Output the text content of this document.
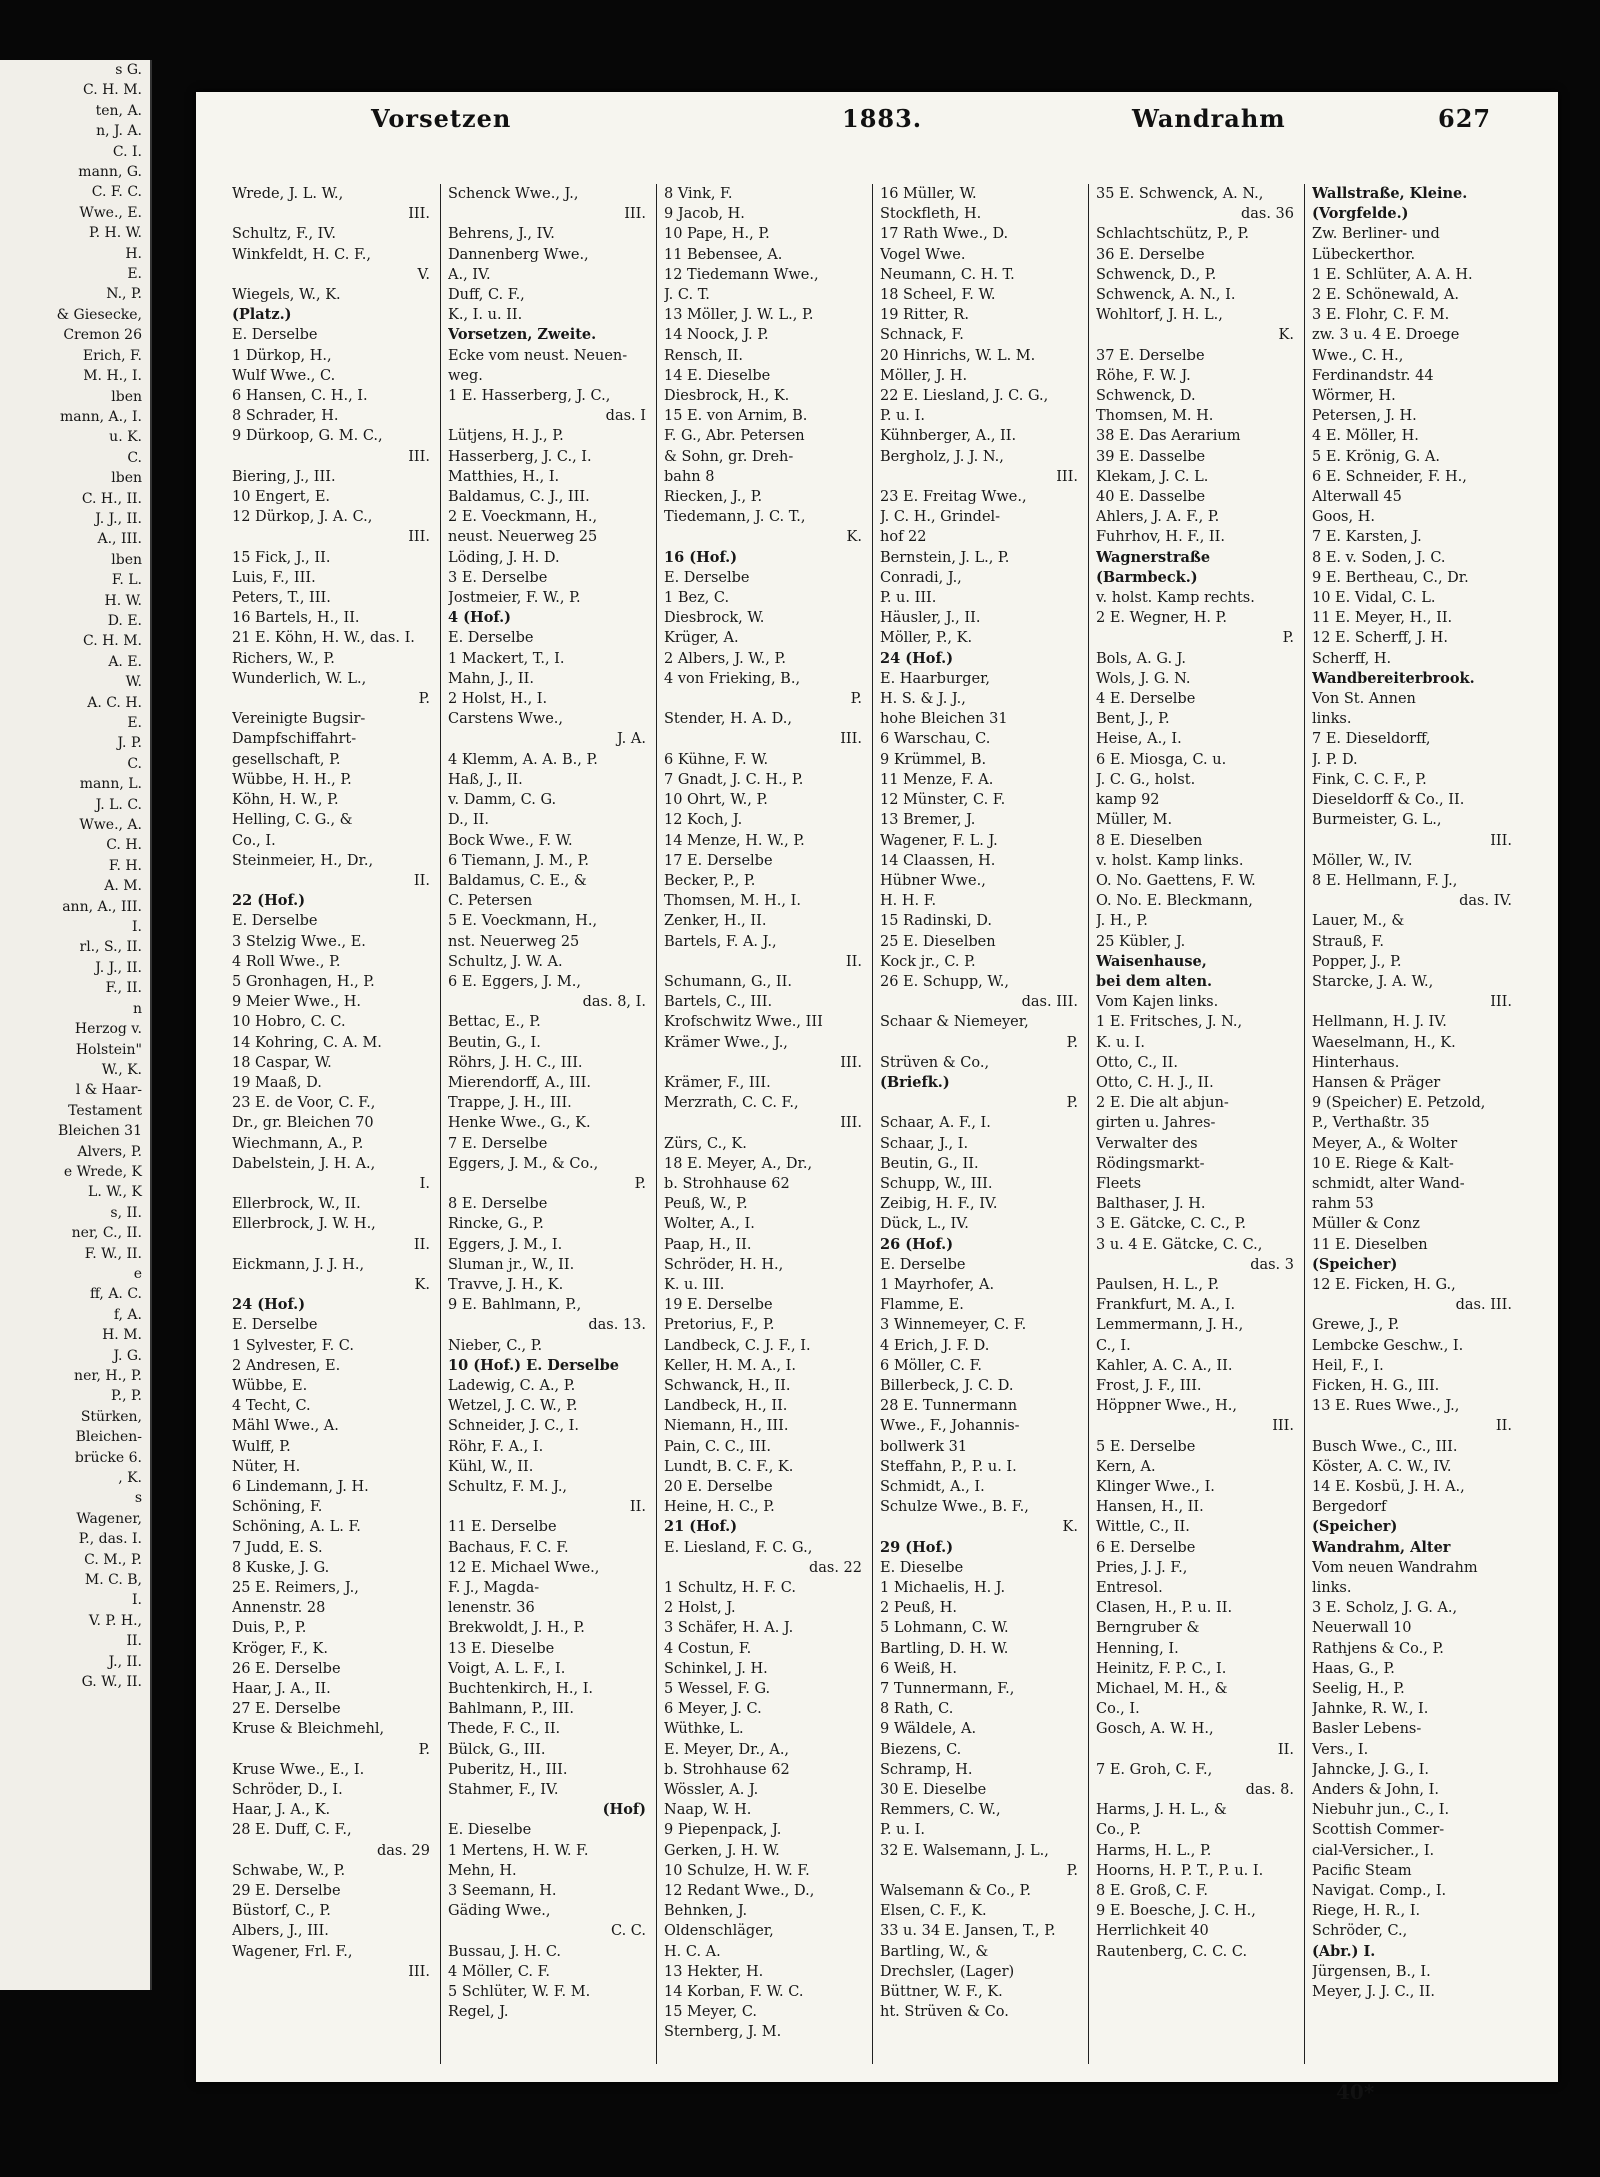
s G.
C. H. M.
ten, A.
n, J. A.
C. I.
mann, G.
C. F. C.
Wwe., E.
P. H. W.
H.
E.
N., P.
& Giesecke,
Cremon 26
Erich, F.
M. H., I.
lben
mann, A., I.
u. K.
C.
lben
C. H., II.
J. J., II.
A., III.
lben
F. L.
H. W.
D. E.
C. H. M.
A. E.
W.
A. C. H.
E.
J. P.
C.
mann, L.
J. L. C.
Wwe., A.
C. H.
F. H.
A. M.
ann, A., III.
I.
rl., S., II.
J. J., II.
F., II.
n
Herzog v.
Holstein"
W., K.
l & Haar-
Testament
Bleichen 31
Alvers, P.
e Wrede, K
L. W., K
s, II.
ner, C., II.
F. W., II.
e
ff, A. C.
f, A.
H. M.
J. G.
ner, H., P.
P., P.
Stürken,
Bleichen-
brücke 6.
, K.
s
Wagener,
P., das. I.
C. M., P.
M. C. B,
I.
V. P. H.,
II.
J., II.
G. W., II.
Vorsetzen	1883.	Wandrahm	627
Wrede, J. L. W.,
III.
Schultz, F., IV.
Winkfeldt, H. C. F.,
V.
Wiegels, W., K.
(Platz.)
E. Derselbe
1 Dürkop, H.,
Wulf Wwe., C.
6 Hansen, C. H., I.
8 Schrader, H.
9 Dürkoop, G. M. C.,
III.
Biering, J., III.
10 Engert, E.
12 Dürkop, J. A. C.,
III.
15 Fick, J., II.
Luis, F., III.
Peters, T., III.
16 Bartels, H., II.
21 E. Köhn, H. W., das. I.
Richers, W., P.
Wunderlich, W. L.,
P.
Vereinigte Bugsir-
Dampfschiffahrt-
gesellschaft, P.
Wübbe, H. H., P.
Köhn, H. W., P.
Helling, C. G., &
Co., I.
Steinmeier, H., Dr.,
II.
22 (Hof.)
E. Derselbe
3 Stelzig Wwe., E.
4 Roll Wwe., P.
5 Gronhagen, H., P.
9 Meier Wwe., H.
10 Hobro, C. C.
14 Kohring, C. A. M.
18 Caspar, W.
19 Maaß, D.
23 E. de Voor, C. F.,
Dr., gr. Bleichen 70
Wiechmann, A., P.
Dabelstein, J. H. A.,
I.
Ellerbrock, W., II.
Ellerbrock, J. W. H.,
II.
Eickmann, J. J. H.,
K.
24 (Hof.)
E. Derselbe
1 Sylvester, F. C.
2 Andresen, E.
Wübbe, E.
4 Techt, C.
Mähl Wwe., A.
Wulff, P.
Nüter, H.
6 Lindemann, J. H.
Schöning, F.
Schöning, A. L. F.
7 Judd, E. S.
8 Kuske, J. G.
25 E. Reimers, J.,
Annenstr. 28
Duis, P., P.
Kröger, F., K.
26 E. Derselbe
Haar, J. A., II.
27 E. Derselbe
Kruse & Bleichmehl,
P.
Kruse Wwe., E., I.
Schröder, D., I.
Haar, J. A., K.
28 E. Duff, C. F.,
das. 29
Schwabe, W., P.
29 E. Derselbe
Büstorf, C., P.
Albers, J., III.
Wagener, Frl. F.,
III.
Schenck Wwe., J.,
III.
Behrens, J., IV.
Dannenberg Wwe.,
A., IV.
Duff, C. F.,
K., I. u. II.
Vorsetzen, Zweite.
Ecke vom neust. Neuen-
weg.
1 E. Hasserberg, J. C.,
das. I
Lütjens, H. J., P.
Hasserberg, J. C., I.
Matthies, H., I.
Baldamus, C. J., III.
2 E. Voeckmann, H.,
neust. Neuerweg 25
Löding, J. H. D.
3 E. Derselbe
Jostmeier, F. W., P.
4 (Hof.)
E. Derselbe
1 Mackert, T., I.
Mahn, J., II.
2 Holst, H., I.
Carstens Wwe.,
J. A.
4 Klemm, A. A. B., P.
Haß, J., II.
v. Damm, C. G.
D., II.
Bock Wwe., F. W.
6 Tiemann, J. M., P.
Baldamus, C. E., &
C. Petersen
5 E. Voeckmann, H.,
nst. Neuerweg 25
Schultz, J. W. A.
6 E. Eggers, J. M.,
das. 8, I.
Bettac, E., P.
Beutin, G., I.
Röhrs, J. H. C., III.
Mierendorff, A., III.
Trappe, J. H., III.
Henke Wwe., G., K.
7 E. Derselbe
Eggers, J. M., & Co.,
P.
8 E. Derselbe
Rincke, G., P.
Eggers, J. M., I.
Sluman jr., W., II.
Travve, J. H., K.
9 E. Bahlmann, P.,
das. 13.
Nieber, C., P.
10 (Hof.) E. Derselbe
Ladewig, C. A., P.
Wetzel, J. C. W., P.
Schneider, J. C., I.
Röhr, F. A., I.
Kühl, W., II.
Schultz, F. M. J.,
II.
11 E. Derselbe
Bachaus, F. C. F.
12 E. Michael Wwe.,
F. J., Magda-
lenenstr. 36
Brekwoldt, J. H., P.
13 E. Dieselbe
Voigt, A. L. F., I.
Buchtenkirch, H., I.
Bahlmann, P., III.
Thede, F. C., II.
Bülck, G., III.
Puberitz, H., III.
Stahmer, F., IV.
(Hof)
E. Dieselbe
1 Mertens, H. W. F.
Mehn, H.
3 Seemann, H.
Gäding Wwe.,
C. C.
Bussau, J. H. C.
4 Möller, C. F.
5 Schlüter, W. F. M.
Regel, J.
8 Vink, F.
9 Jacob, H.
10 Pape, H., P.
11 Bebensee, A.
12 Tiedemann Wwe.,
J. C. T.
13 Möller, J. W. L., P.
14 Noock, J. P.
Rensch, II.
14 E. Dieselbe
Diesbrock, H., K.
15 E. von Arnim, B.
F. G., Abr. Petersen
& Sohn, gr. Dreh-
bahn 8
Riecken, J., P.
Tiedemann, J. C. T.,
K.
16 (Hof.)
E. Derselbe
1 Bez, C.
Diesbrock, W.
Krüger, A.
2 Albers, J. W., P.
4 von Frieking, B.,
P.
Stender, H. A. D.,
III.
6 Kühne, F. W.
7 Gnadt, J. C. H., P.
10 Ohrt, W., P.
12 Koch, J.
14 Menze, H. W., P.
17 E. Derselbe
Becker, P., P.
Thomsen, M. H., I.
Zenker, H., II.
Bartels, F. A. J.,
II.
Schumann, G., II.
Bartels, C., III.
Krofschwitz Wwe., III
Krämer Wwe., J.,
III.
Krämer, F., III.
Merzrath, C. C. F.,
III.
Zürs, C., K.
18 E. Meyer, A., Dr.,
b. Strohhause 62
Peuß, W., P.
Wolter, A., I.
Paap, H., II.
Schröder, H. H.,
K. u. III.
19 E. Derselbe
Pretorius, F., P.
Landbeck, C. J. F., I.
Keller, H. M. A., I.
Schwanck, H., II.
Landbeck, H., II.
Niemann, H., III.
Pain, C. C., III.
Lundt, B. C. F., K.
20 E. Derselbe
Heine, H. C., P.
21 (Hof.)
E. Liesland, F. C. G.,
das. 22
1 Schultz, H. F. C.
2 Holst, J.
3 Schäfer, H. A. J.
4 Costun, F.
Schinkel, J. H.
5 Wessel, F. G.
6 Meyer, J. C.
Wüthke, L.
E. Meyer, Dr., A.,
b. Strohhause 62
Wössler, A. J.
Naap, W. H.
9 Piepenpack, J.
Gerken, J. H. W.
10 Schulze, H. W. F.
12 Redant Wwe., D.,
Behnken, J.
Oldenschläger,
H. C. A.
13 Hekter, H.
14 Korban, F. W. C.
15 Meyer, C.
Sternberg, J. M.
16 Müller, W.
Stockfleth, H.
17 Rath Wwe., D.
Vogel Wwe.
Neumann, C. H. T.
18 Scheel, F. W.
19 Ritter, R.
Schnack, F.
20 Hinrichs, W. L. M.
Möller, J. H.
22 E. Liesland, J. C. G.,
P. u. I.
Kühnberger, A., II.
Bergholz, J. J. N.,
III.
23 E. Freitag Wwe.,
J. C. H., Grindel-
hof 22
Bernstein, J. L., P.
Conradi, J.,
P. u. III.
Häusler, J., II.
Möller, P., K.
24 (Hof.)
E. Haarburger,
H. S. & J. J.,
hohe Bleichen 31
6 Warschau, C.
9 Krümmel, B.
11 Menze, F. A.
12 Münster, C. F.
13 Bremer, J.
Wagener, F. L. J.
14 Claassen, H.
Hübner Wwe.,
H. H. F.
15 Radinski, D.
25 E. Dieselben
Kock jr., C. P.
26 E. Schupp, W.,
das. III.
Schaar & Niemeyer,
P.
Strüven & Co.,
(Briefk.)
P.
Schaar, A. F., I.
Schaar, J., I.
Beutin, G., II.
Schupp, W., III.
Zeibig, H. F., IV.
Dück, L., IV.
26 (Hof.)
E. Derselbe
1 Mayrhofer, A.
Flamme, E.
3 Winnemeyer, C. F.
4 Erich, J. F. D.
6 Möller, C. F.
Billerbeck, J. C. D.
28 E. Tunnermann
Wwe., F., Johannis-
bollwerk 31
Steffahn, P., P. u. I.
Schmidt, A., I.
Schulze Wwe., B. F.,
K.
29 (Hof.)
E. Dieselbe
1 Michaelis, H. J.
2 Peuß, H.
5 Lohmann, C. W.
Bartling, D. H. W.
6 Weiß, H.
7 Tunnermann, F.,
8 Rath, C.
9 Wäldele, A.
Biezens, C.
Schramp, H.
30 E. Dieselbe
Remmers, C. W.,
P. u. I.
32 E. Walsemann, J. L.,
P.
Walsemann & Co., P.
Elsen, C. F., K.
33 u. 34 E. Jansen, T., P.
Bartling, W., &
Drechsler, (Lager)
Büttner, W. F., K.
ht. Strüven & Co.
35 E. Schwenck, A. N.,
das. 36
Schlachtschütz, P., P.
36 E. Derselbe
Schwenck, D., P.
Schwenck, A. N., I.
Wohltorf, J. H. L.,
K.
37 E. Derselbe
Röhe, F. W. J.
Schwenck, D.
Thomsen, M. H.
38 E. Das Aerarium
39 E. Dasselbe
Klekam, J. C. L.
40 E. Dasselbe
Ahlers, J. A. F., P.
Fuhrhov, H. F., II.
Wagnerstraße
(Barmbeck.)
v. holst. Kamp rechts.
2 E. Wegner, H. P.
P.
Bols, A. G. J.
Wols, J. G. N.
4 E. Derselbe
Bent, J., P.
Heise, A., I.
6 E. Miosga, C. u.
J. C. G., holst.
kamp 92
Müller, M.
8 E. Dieselben
v. holst. Kamp links.
O. No. Gaettens, F. W.
O. No. E. Bleckmann,
J. H., P.
25 Kübler, J.
Waisenhause,
bei dem alten.
Vom Kajen links.
1 E. Fritsches, J. N.,
K. u. I.
Otto, C., II.
Otto, C. H. J., II.
2 E. Die alt abjun-
girten u. Jahres-
Verwalter des
Rödingsmarkt-
Fleets
Balthaser, J. H.
3 E. Gätcke, C. C., P.
3 u. 4 E. Gätcke, C. C.,
das. 3
Paulsen, H. L., P.
Frankfurt, M. A., I.
Lemmermann, J. H.,
C., I.
Kahler, A. C. A., II.
Frost, J. F., III.
Höppner Wwe., H.,
III.
5 E. Derselbe
Kern, A.
Klinger Wwe., I.
Hansen, H., II.
Wittle, C., II.
6 E. Derselbe
Pries, J. J. F.,
Entresol.
Clasen, H., P. u. II.
Berngruber &
Henning, I.
Heinitz, F. P. C., I.
Michael, M. H., &
Co., I.
Gosch, A. W. H.,
II.
7 E. Groh, C. F.,
das. 8.
Harms, J. H. L., &
Co., P.
Harms, H. L., P.
Hoorns, H. P. T., P. u. I.
8 E. Groß, C. F.
9 E. Boesche, J. C. H.,
Herrlichkeit 40
Rautenberg, C. C. C.
Wallstraße, Kleine.
(Vorgfelde.)
Zw. Berliner- und
Lübeckerthor.
1 E. Schlüter, A. A. H.
2 E. Schönewald, A.
3 E. Flohr, C. F. M.
zw. 3 u. 4 E. Droege
Wwe., C. H.,
Ferdinandstr. 44
Wörmer, H.
Petersen, J. H.
4 E. Möller, H.
5 E. Krönig, G. A.
6 E. Schneider, F. H.,
Alterwall 45
Goos, H.
7 E. Karsten, J.
8 E. v. Soden, J. C.
9 E. Bertheau, C., Dr.
10 E. Vidal, C. L.
11 E. Meyer, H., II.
12 E. Scherff, J. H.
Scherff, H.
Wandbereiterbrook.
Von St. Annen
links.
7 E. Dieseldorff,
J. P. D.
Fink, C. C. F., P.
Dieseldorff & Co., II.
Burmeister, G. L.,
III.
Möller, W., IV.
8 E. Hellmann, F. J.,
das. IV.
Lauer, M., &
Strauß, F.
Popper, J., P.
Starcke, J. A. W.,
III.
Hellmann, H. J. IV.
Waeselmann, H., K.
Hinterhaus.
Hansen & Präger
9 (Speicher) E. Petzold,
P., Verthaßtr. 35
Meyer, A., & Wolter
10 E. Riege & Kalt-
schmidt, alter Wand-
rahm 53
Müller & Conz
11 E. Dieselben
(Speicher)
12 E. Ficken, H. G.,
das. III.
Grewe, J., P.
Lembcke Geschw., I.
Heil, F., I.
Ficken, H. G., III.
13 E. Rues Wwe., J.,
II.
Busch Wwe., C., III.
Köster, A. C. W., IV.
14 E. Kosbü, J. H. A.,
Bergedorf
(Speicher)
Wandrahm, Alter
Vom neuen Wandrahm
links.
3 E. Scholz, J. G. A.,
Neuerwall 10
Rathjens & Co., P.
Haas, G., P.
Seelig, H., P.
Jahnke, R. W., I.
Basler Lebens-
Vers., I.
Jahncke, J. G., I.
Anders & John, I.
Niebuhr jun., C., I.
Scottish Commer-
cial-Versicher., I.
Pacific Steam
Navigat. Comp., I.
Riege, H. R., I.
Schröder, C.,
(Abr.) I.
Jürgensen, B., I.
Meyer, J. J. C., II.
40*
